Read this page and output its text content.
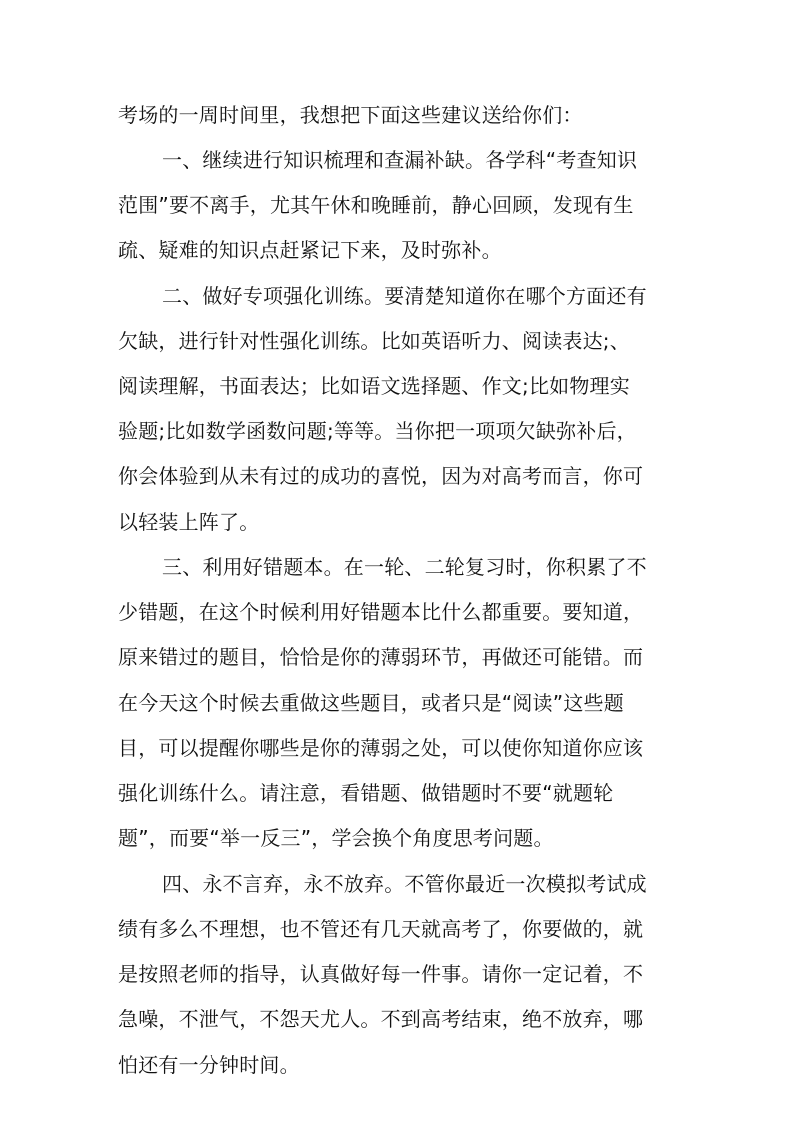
考场的一周时间里，我想把下面这些建议送给你们：
一、继续进行知识梳理和查漏补缺。各学科“考查知识
范围”要不离手，尤其午休和晚睡前，静心回顾，发现有生
疏、疑难的知识点赶紧记下来，及时弥补。
二、做好专项强化训练。要清楚知道你在哪个方面还有
欠缺，进行针对性强化训练。比如英语听力、阅读表达;、
阅读理解，书面表达；比如语文选择题、作文;比如物理实
验题;比如数学函数问题;等等。当你把一项项欠缺弥补后，
你会体验到从未有过的成功的喜悦，因为对高考而言，你可
以轻装上阵了。
三、利用好错题本。在一轮、二轮复习时，你积累了不
少错题，在这个时候利用好错题本比什么都重要。要知道，
原来错过的题目，恰恰是你的薄弱环节，再做还可能错。而
在今天这个时候去重做这些题目，或者只是“阅读”这些题
目，可以提醒你哪些是你的薄弱之处，可以使你知道你应该
强化训练什么。请注意，看错题、做错题时不要“就题轮
题”，而要“举一反三”，学会换个角度思考问题。
四、永不言弃，永不放弃。不管你最近一次模拟考试成
绩有多么不理想，也不管还有几天就高考了，你要做的，就
是按照老师的指导，认真做好每一件事。请你一定记着，不
急噪，不泄气，不怨天尤人。不到高考结束，绝不放弃，哪
怕还有一分钟时间。
